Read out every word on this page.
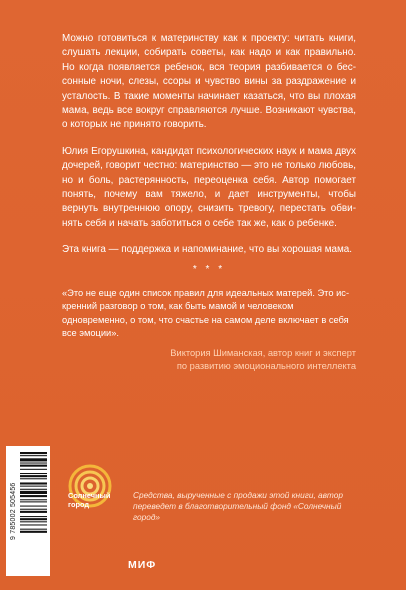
Можно готовиться к материнству как к проекту: читать книги, слушать лекции, собирать советы, как надо и как правильно. Но когда появляется ребенок, вся теория разбивается о бессонные ночи, слезы, ссоры и чувство вины за раздражение и усталость. В такие моменты начинает казаться, что вы плохая мама, ведь все вокруг справляются лучше. Возникают чувства, о которых не принято говорить.

Юлия Егорушкина, кандидат психологических наук и мама двух дочерей, говорит честно: материнство — это не только любовь, но и боль, растерянность, переоценка себя. Автор помогает понять, почему вам тяжело, и дает инструменты, чтобы вернуть внутреннюю опору, снизить тревогу, перестать обвинять себя и начать заботиться о себе так же, как о ребенке.

Эта книга — поддержка и напоминание, что вы хорошая мама.

* * *

«Это не еще один список правил для идеальных матерей. Это искренний разговор о том, как быть мамой и человеком одновременно, о том, что счастье на самом деле включает в себя все эмоции».

Виктория Шиманская, автор книг и эксперт
по развитию эмоционального интеллекта
9 785002 505456	Солнечный
город
Средства, вырученные с продажи этой книги, автор переведет в благотворительный фонд «Солнечный город»
МИФ
